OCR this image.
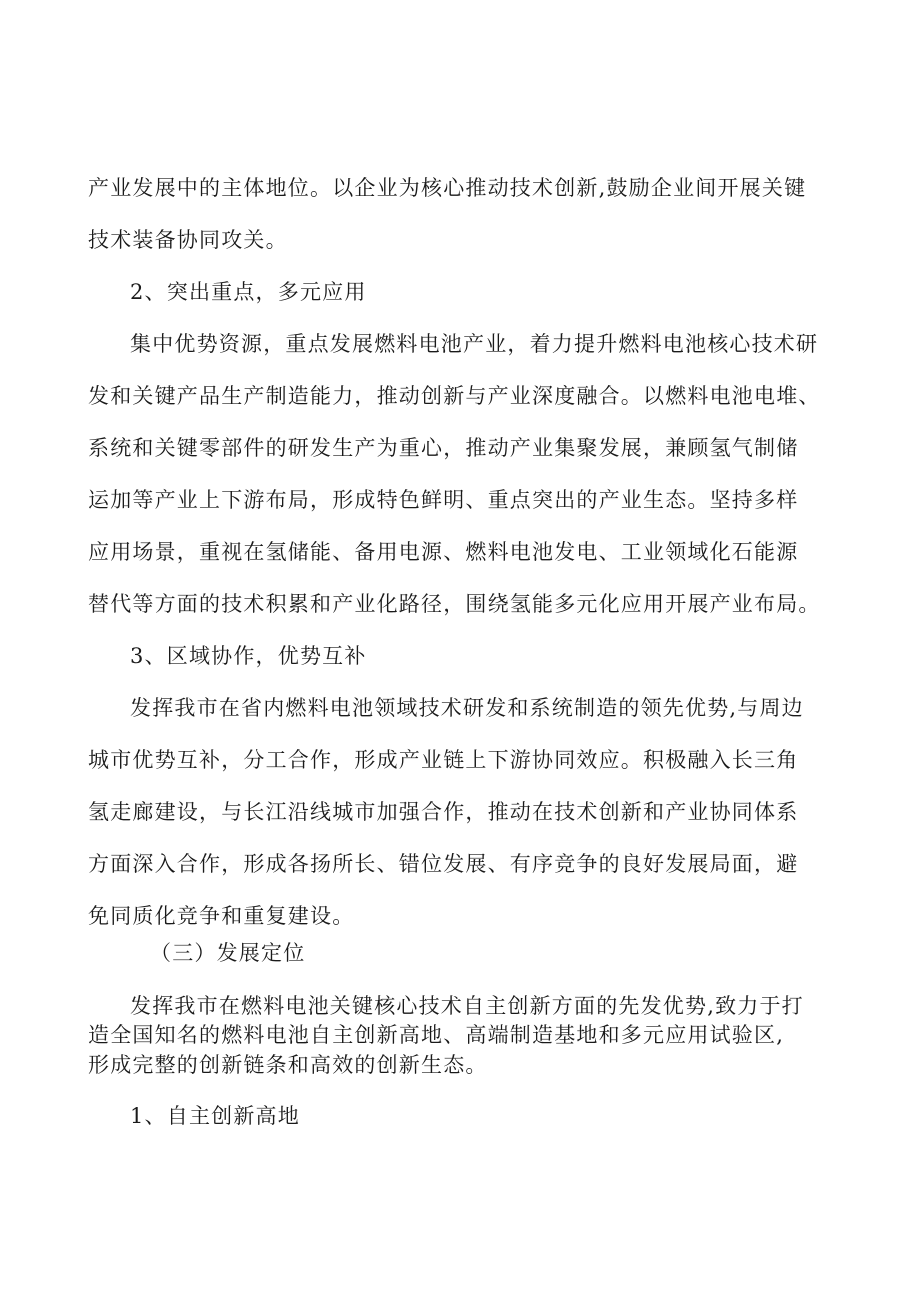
产业发展中的主体地位。以企业为核心推动技术创新,鼓励企业间开展关键
技术装备协同攻关。
2、突出重点，多元应用
集中优势资源，重点发展燃料电池产业，着力提升燃料电池核心技术研
发和关键产品生产制造能力，推动创新与产业深度融合。以燃料电池电堆、
系统和关键零部件的研发生产为重心，推动产业集聚发展，兼顾氢气制储
运加等产业上下游布局，形成特色鲜明、重点突出的产业生态。坚持多样
应用场景，重视在氢储能、备用电源、燃料电池发电、工业领域化石能源
替代等方面的技术积累和产业化路径，围绕氢能多元化应用开展产业布局。
3、区域协作，优势互补
发挥我市在省内燃料电池领域技术研发和系统制造的领先优势,与周边
城市优势互补，分工合作，形成产业链上下游协同效应。积极融入长三角
氢走廊建设，与长江沿线城市加强合作，推动在技术创新和产业协同体系
方面深入合作，形成各扬所长、错位发展、有序竞争的良好发展局面，避
免同质化竞争和重复建设。
（三）发展定位
发挥我市在燃料电池关键核心技术自主创新方面的先发优势,致力于打
造全国知名的燃料电池自主创新高地、高端制造基地和多元应用试验区,
形成完整的创新链条和高效的创新生态。
1、自主创新高地
